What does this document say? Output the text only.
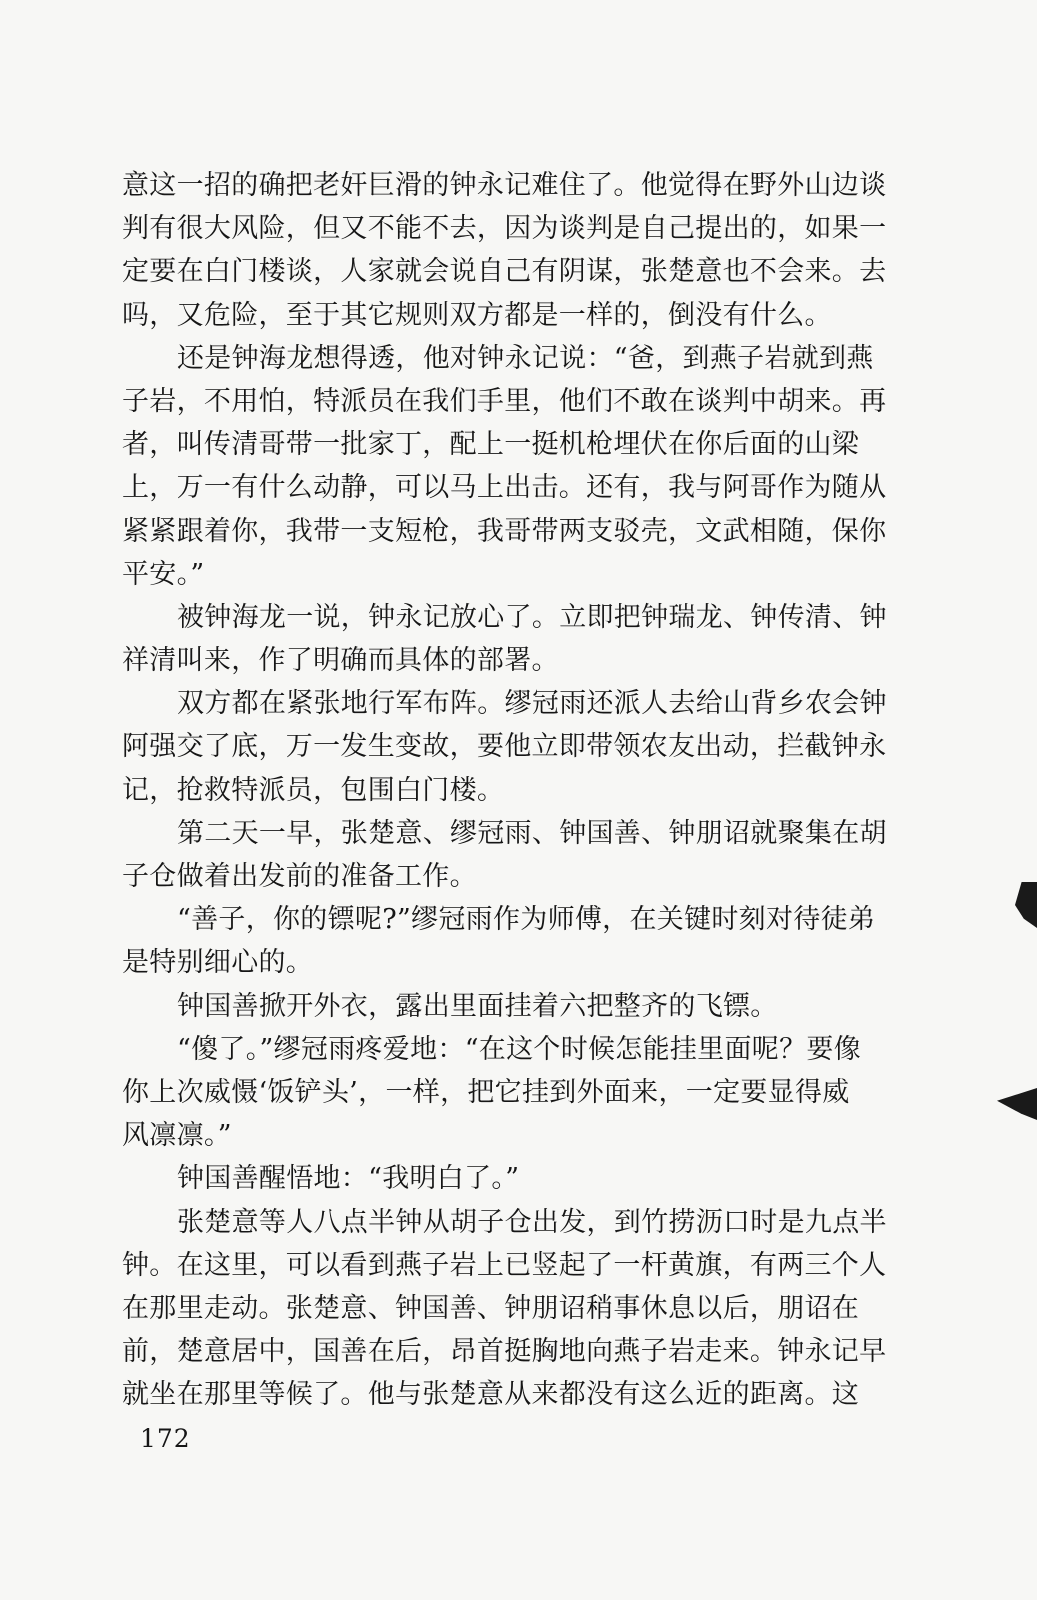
意这一招的确把老奸巨滑的钟永记难住了。他觉得在野外山边谈
判有很大风险，但又不能不去，因为谈判是自己提出的，如果一
定要在白门楼谈，人家就会说自己有阴谋，张楚意也不会来。去
吗，又危险，至于其它规则双方都是一样的，倒没有什么。
还是钟海龙想得透，他对钟永记说：“爸，到燕子岩就到燕
子岩，不用怕，特派员在我们手里，他们不敢在谈判中胡来。再
者，叫传清哥带一批家丁，配上一挺机枪埋伏在你后面的山梁
上，万一有什么动静，可以马上出击。还有，我与阿哥作为随从
紧紧跟着你，我带一支短枪，我哥带两支驳壳，文武相随，保你
平安。”
被钟海龙一说，钟永记放心了。立即把钟瑞龙、钟传清、钟
祥清叫来，作了明确而具体的部署。
双方都在紧张地行军布阵。缪冠雨还派人去给山背乡农会钟
阿强交了底，万一发生变故，要他立即带领农友出动，拦截钟永
记，抢救特派员，包围白门楼。
第二天一早，张楚意、缪冠雨、钟国善、钟朋诏就聚集在胡
子仓做着出发前的准备工作。
“善子，你的镖呢?”缪冠雨作为师傅，在关键时刻对待徒弟
是特别细心的。
钟国善掀开外衣，露出里面挂着六把整齐的飞镖。
“傻了。”缪冠雨疼爱地：“在这个时候怎能挂里面呢？要像
你上次威慑‘饭铲头’，一样，把它挂到外面来，一定要显得威
风凛凛。”
钟国善醒悟地：“我明白了。”
张楚意等人八点半钟从胡子仓出发，到竹捞沥口时是九点半
钟。在这里，可以看到燕子岩上已竖起了一杆黄旗，有两三个人
在那里走动。张楚意、钟国善、钟朋诏稍事休息以后，朋诏在
前，楚意居中，国善在后，昂首挺胸地向燕子岩走来。钟永记早
就坐在那里等候了。他与张楚意从来都没有这么近的距离。这
172
